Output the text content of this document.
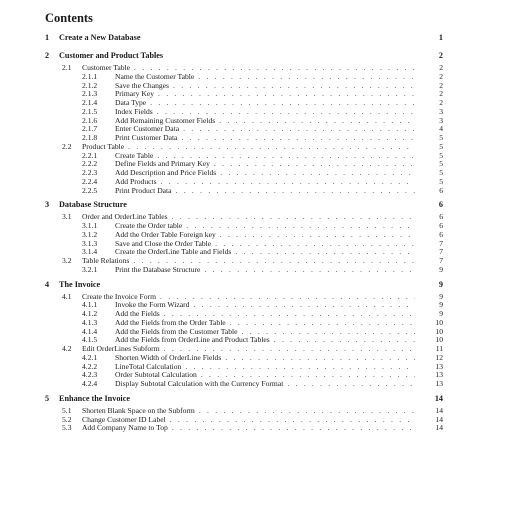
Contents
1	Create a New Database	1
2	Customer and Product Tables	2
2.1	Customer Table . . .	2
2.1.1	Name the Customer Table . . .	2
2.1.2	Save the Changes . . .	2
2.1.3	Primary Key . . .	2
2.1.4	Data Type . . .	2
2.1.5	Index Fields . . .	3
2.1.6	Add Remaining Customer Fields . . .	3
2.1.7	Enter Customer Data . . .	4
2.1.8	Print Customer Data . . .	5
2.2	Product Table . . .	5
2.2.1	Create Table . . .	5
2.2.2	Define Fields and Primary Key . . .	5
2.2.3	Add Description and Price Fields . . .	5
2.2.4	Add Products . . .	5
2.2.5	Print Product Data . . .	6
3	Database Structure	6
3.1	Order and OrderLine Tables . . .	6
3.1.1	Create the Order table . . .	6
3.1.2	Add the Order Table Foreign key . . .	6
3.1.3	Save and Close the Order Table . . .	7
3.1.4	Create the OrderLine Table and Fields . . .	7
3.2	Table Relations . . .	7
3.2.1	Print the Database Structure . . .	9
4	The Invoice	9
4.1	Create the Invoice Form . . .	9
4.1.1	Invoke the Form Wizard . . .	9
4.1.2	Add the Fields . . .	9
4.1.3	Add the Fields from the Order Table . . .	10
4.1.4	Add the Fields from the Customer Table . . .	10
4.1.5	Add the Fields from OrderLine and Product Tables . . .	10
4.2	Edit OrderLines Subform . . .	11
4.2.1	Shorten Width of OrderLine Fields . . .	12
4.2.2	LineTotal Calculation . . .	13
4.2.3	Order Subtotal Calculation . . .	13
4.2.4	Display Subtotal Calculation with the Currency Format . . .	13
5	Enhance the Invoice	14
5.1	Shorten Blank Space on the Subform . . .	14
5.2	Change Customer ID Label . . .	14
5.3	Add Company Name to Top . . .	14
